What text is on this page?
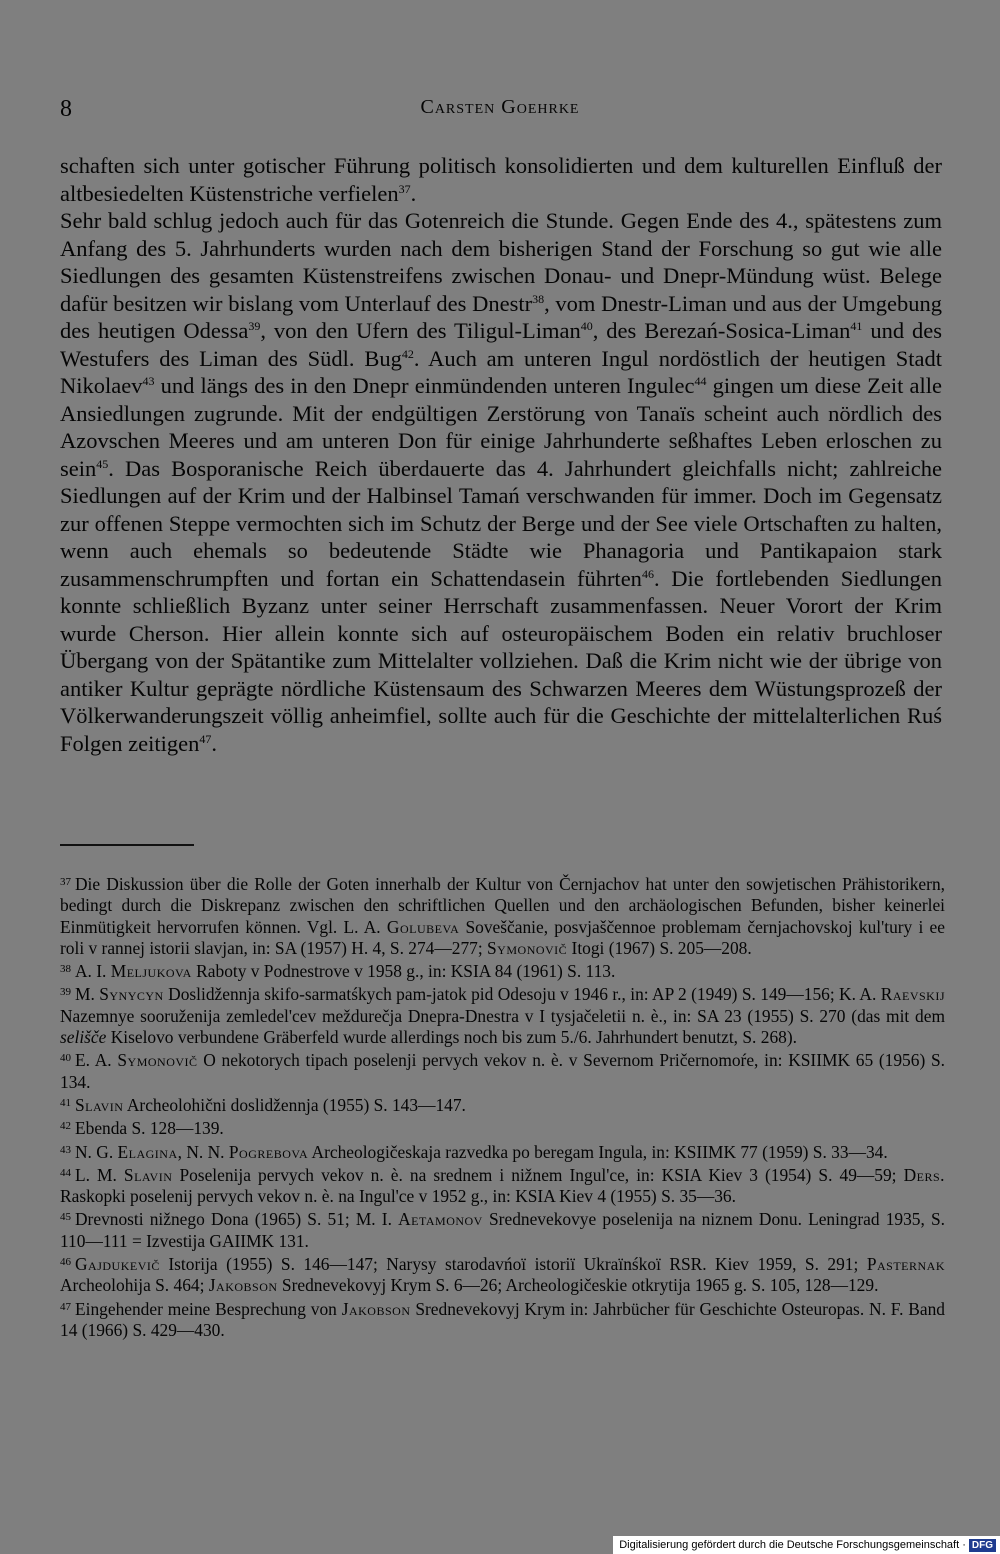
8	Carsten Goehrke

schaften sich unter gotischer Führung politisch konsolidierten und dem kulturellen Einfluß der altbesiedelten Küstenstriche verfielen$^{37}$.

Sehr bald schlug jedoch auch für das Gotenreich die Stunde. Gegen Ende des 4., spätestens zum Anfang des 5. Jahrhunderts wurden nach dem bisherigen Stand der Forschung so gut wie alle Siedlungen des gesamten Küstenstreifens zwischen Donau- und Dnepr-Mündung wüst. Belege dafür besitzen wir bislang vom Unterlauf des Dnestr$^{38}$, vom Dnestr-Liman und aus der Umgebung des heutigen Odessa$^{39}$, von den Ufern des Tiligul-Liman$^{40}$, des Berezań-Sosica-Liman$^{41}$ und des Westufers des Liman des Südl. Bug$^{42}$. Auch am unteren Ingul nordöstlich der heutigen Stadt Nikolaev$^{43}$ und längs des in den Dnepr einmündenden unteren Ingulec$^{44}$ gingen um diese Zeit alle Ansiedlungen zugrunde. Mit der endgültigen Zerstörung von Tanaïs scheint auch nördlich des Azovschen Meeres und am unteren Don für einige Jahrhunderte seßhaftes Leben erloschen zu sein$^{45}$. Das Bosporanische Reich überdauerte das 4. Jahrhundert gleichfalls nicht; zahlreiche Siedlungen auf der Krim und der Halbinsel Tamań verschwanden für immer. Doch im Gegensatz zur offenen Steppe vermochten sich im Schutz der Berge und der See viele Ortschaften zu halten, wenn auch ehemals so bedeutende Städte wie Phanagoria und Pantikapaion stark zusammenschrumpften und fortan ein Schattendasein führten$^{46}$. Die fortlebenden Siedlungen konnte schließlich Byzanz unter seiner Herrschaft zusammenfassen. Neuer Vorort der Krim wurde Cherson. Hier allein konnte sich auf osteuropäischem Boden ein relativ bruchloser Übergang von der Spätantike zum Mittelalter vollziehen. Daß die Krim nicht wie der übrige von antiker Kultur geprägte nördliche Küstensaum des Schwarzen Meeres dem Wüstungsprozeß der Völkerwanderungszeit völlig anheimfiel, sollte auch für die Geschichte der mittelalterlichen Ruś Folgen zeitigen$^{47}$.

37 Die Diskussion über die Rolle der Goten innerhalb der Kultur von Černjachov hat unter den sowjetischen Prähistorikern, bedingt durch die Diskrepanz zwischen den schriftlichen Quellen und den archäologischen Befunden, bisher keinerlei Einmütigkeit hervorrufen können. Vgl. L. A. Golubeva Soveščanie, posvjaščennoe problemam černjachovskoj kul'tury i ee roli v rannej istorii slavjan, in: SA (1957) H. 4, S. 274—277; Symonovič Itogi (1967) S. 205—208.

38 A. I. Meljukova Raboty v Podnestrove v 1958 g., in: KSIA 84 (1961) S. 113.

39 M. Synycyn Doslidžennja skifo-sarmatśkych pam-jatok pid Odesoju v 1946 r., in: AP 2 (1949) S. 149—156; K. A. Raevskij Nazemnye sooruženija zemledel'cev meždurečja Dnepra-Dnestra v I tysjačeletii n. è., in: SA 23 (1955) S. 270 (das mit dem selišče Kiselovo verbundene Gräberfeld wurde allerdings noch bis zum 5./6. Jahrhundert benutzt, S. 268).

40 E. A. Symonovič O nekotorych tipach poselenji pervych vekov n. è. v Severnom Pričernomoŕe, in: KSIIMK 65 (1956) S. 134.

41 Slavin Archeolohični doslidžennja (1955) S. 143—147.

42 Ebenda S. 128—139.

43 N. G. Elagina, N. N. Pogrebova Archeologičeskaja razvedka po beregam Ingula, in: KSIIMK 77 (1959) S. 33—34.

44 L. M. Slavin Poselenija pervych vekov n. è. na srednem i nižnem Ingul'ce, in: KSIA Kiev 3 (1954) S. 49—59; Ders. Raskopki poselenij pervych vekov n. è. na Ingul'ce v 1952 g., in: KSIA Kiev 4 (1955) S. 35—36.

45 Drevnosti nižnego Dona (1965) S. 51; M. I. Aetamonov Srednevekovye poselenija na niznem Donu. Leningrad 1935, S. 110—111 = Izvestija GAIIMK 131.

46 Gajdukevič Istorija (1955) S. 146—147; Narysy starodavńoï istoriï Ukraïnśkoï RSR. Kiev 1959, S. 291; Pasternak Archeolohija S. 464; Jakobson Srednevekovyj Krym S. 6—26; Archeologičeskie otkrytija 1965 g. S. 105, 128—129.

47 Eingehender meine Besprechung von Jakobson Srednevekovyj Krym in: Jahrbücher für Geschichte Osteuropas. N. F. Band 14 (1966) S. 429—430.

Digitalisierung gefördert durch die Deutsche Forschungsgemeinschaft · DFG
